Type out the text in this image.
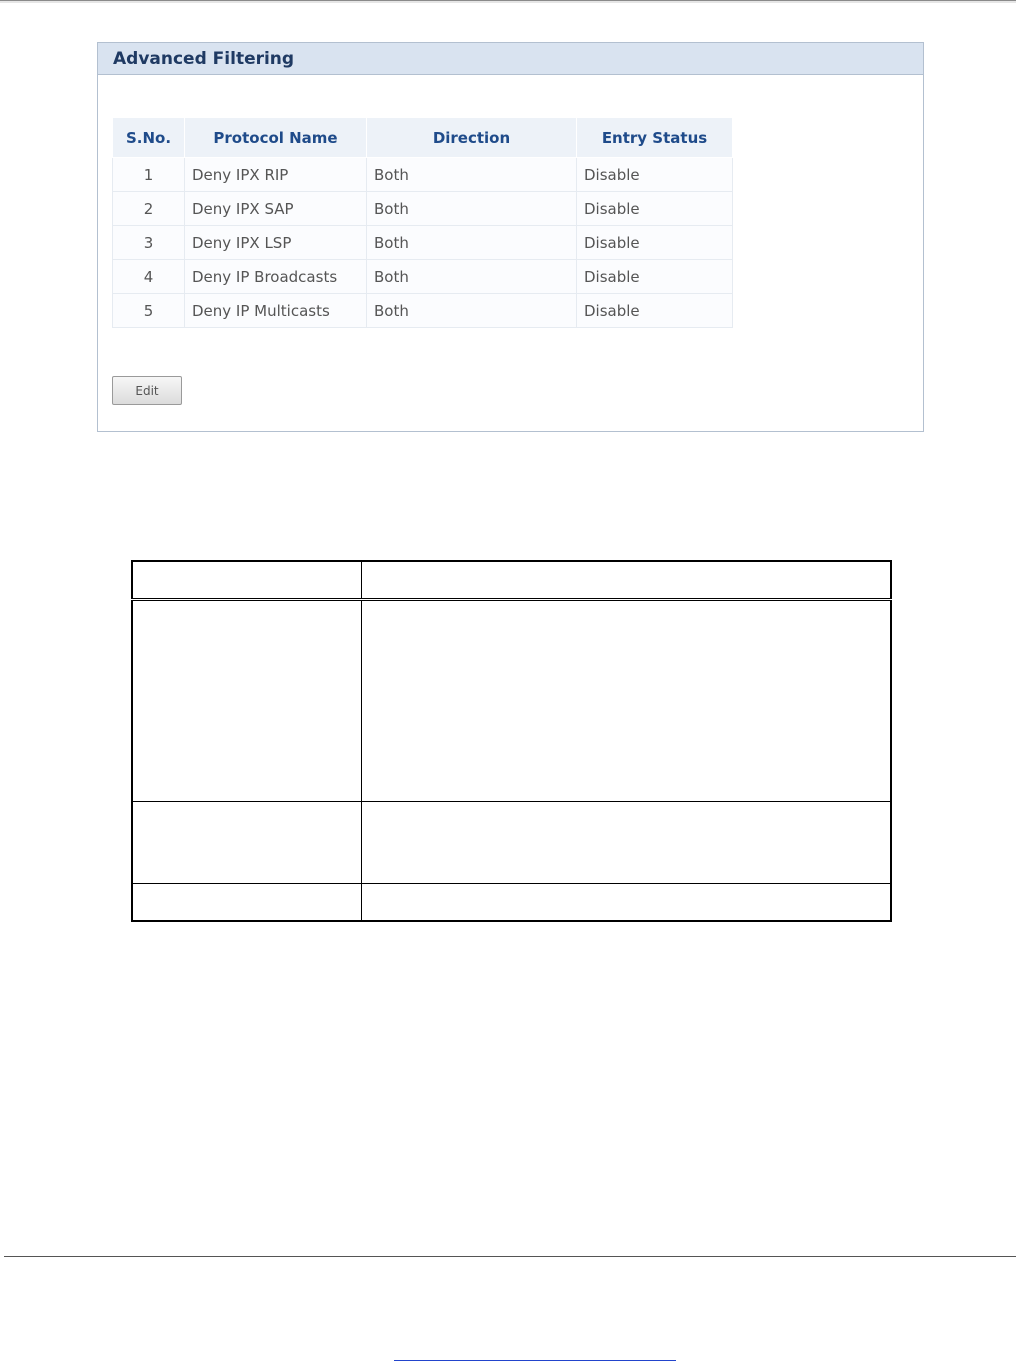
Advanced Filtering
S.No.	Protocol Name	Direction	Entry Status
1	Deny IPX RIP	Both	Disable
2	Deny IPX SAP	Both	Disable
3	Deny IPX LSP	Both	Disable
4	Deny IP Broadcasts	Both	Disable
5	Deny IP Multicasts	Both	Disable
Edit
